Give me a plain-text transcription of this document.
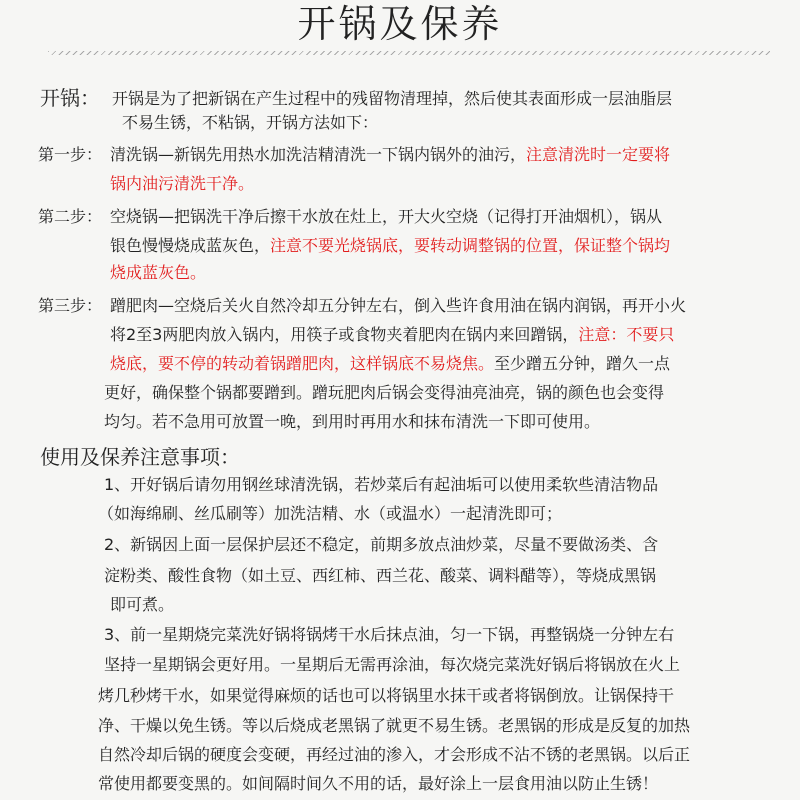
开锅及保养
开锅： 开锅是为了把新锅在产生过程中的残留物清理掉，然后使其表面形成一层油脂层
不易生锈，不粘锅，开锅方法如下：
第一步： 清洗锅—新锅先用热水加洗洁精清洗一下锅内锅外的油污，注意清洗时一定要将
锅内油污清洗干净。
第二步： 空烧锅—把锅洗干净后擦干水放在灶上，开大火空烧（记得打开油烟机），锅从
银色慢慢烧成蓝灰色，注意不要光烧锅底，要转动调整锅的位置，保证整个锅均
烧成蓝灰色。
第三步： 蹭肥肉—空烧后关火自然冷却五分钟左右，倒入些许食用油在锅内润锅，再开小火
将2至3两肥肉放入锅内，用筷子或食物夹着肥肉在锅内来回蹭锅，注意：不要只
烧底，要不停的转动着锅蹭肥肉，这样锅底不易烧焦。至少蹭五分钟，蹭久一点
更好，确保整个锅都要蹭到。蹭玩肥肉后锅会变得油亮油亮，锅的颜色也会变得
均匀。若不急用可放置一晚，到用时再用水和抹布清洗一下即可使用。
使用及保养注意事项：
1、开好锅后请勿用钢丝球清洗锅，若炒菜后有起油垢可以使用柔软些清洁物品
（如海绵刷、丝瓜刷等）加洗洁精、水（或温水）一起清洗即可；
2、新锅因上面一层保护层还不稳定，前期多放点油炒菜，尽量不要做汤类、含
淀粉类、酸性食物（如土豆、西红柿、西兰花、酸菜、调料醋等），等烧成黑锅
即可煮。
3、前一星期烧完菜洗好锅将锅烤干水后抹点油，匀一下锅，再整锅烧一分钟左右
坚持一星期锅会更好用。一星期后无需再涂油，每次烧完菜洗好锅后将锅放在火上
烤几秒烤干水，如果觉得麻烦的话也可以将锅里水抹干或者将锅倒放。让锅保持干
净、干燥以免生锈。等以后烧成老黑锅了就更不易生锈。老黑锅的形成是反复的加热
自然冷却后锅的硬度会变硬，再经过油的渗入，才会形成不沾不锈的老黑锅。以后正
常使用都要变黑的。如间隔时间久不用的话，最好涂上一层食用油以防止生锈！
